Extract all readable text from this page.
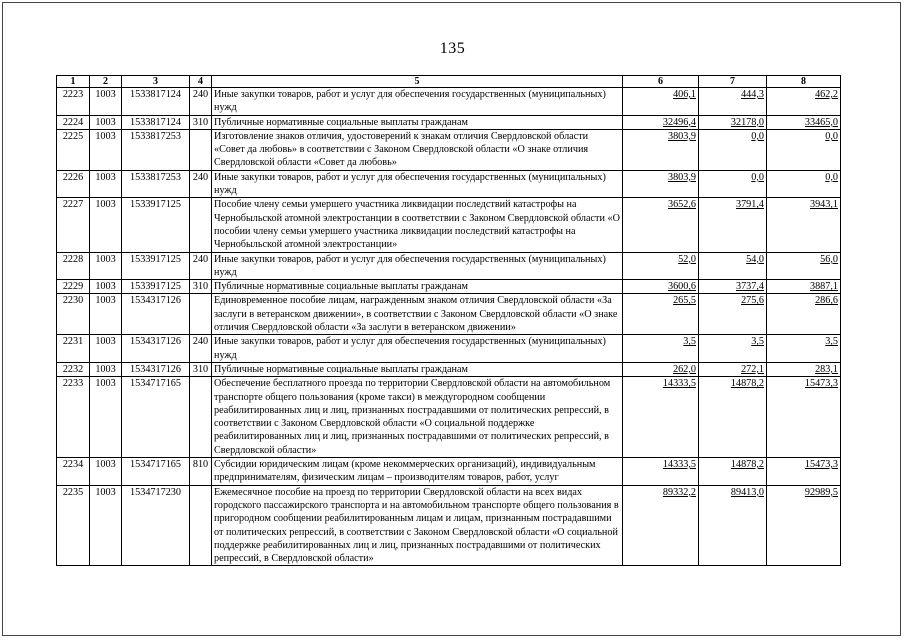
135
1	2	3	4	5	6	7	8
2223	1003	1533817124	240	Иные закупки товаров, работ и услуг для обеспечения государственных (муниципальных) нужд	406,1	444,3	462,2
2224	1003	1533817124	310	Публичные нормативные социальные выплаты гражданам	32496,4	32178,0	33465,0
2225	1003	1533817253		Изготовление знаков отличия, удостоверений к знакам отличия Свердловской области «Совет да любовь» в соответствии с Законом Свердловской области «О знаке отличия Свердловской области «Совет да любовь»	3803,9	0,0	0,0
2226	1003	1533817253	240	Иные закупки товаров, работ и услуг для обеспечения государственных (муниципальных) нужд	3803,9	0,0	0,0
2227	1003	1533917125		Пособие члену семьи умершего участника ликвидации последствий катастрофы на Чернобыльской атомной электростанции в соответствии с Законом Свердловской области «О пособии члену семьи умершего участника ликвидации последствий катастрофы на Чернобыльской атомной электростанции»	3652,6	3791,4	3943,1
2228	1003	1533917125	240	Иные закупки товаров, работ и услуг для обеспечения государственных (муниципальных) нужд	52,0	54,0	56,0
2229	1003	1533917125	310	Публичные нормативные социальные выплаты гражданам	3600,6	3737,4	3887,1
2230	1003	1534317126		Единовременное пособие лицам, награжденным знаком отличия Свердловской области «За заслуги в ветеранском движении», в соответствии с Законом Свердловской области «О знаке отличия Свердловской области «За заслуги в ветеранском движении»	265,5	275,6	286,6
2231	1003	1534317126	240	Иные закупки товаров, работ и услуг для обеспечения государственных (муниципальных) нужд	3,5	3,5	3,5
2232	1003	1534317126	310	Публичные нормативные социальные выплаты гражданам	262,0	272,1	283,1
2233	1003	1534717165		Обеспечение бесплатного проезда по территории Свердловской области на автомобильном транспорте общего пользования (кроме такси) в междугородном сообщении реабилитированных лиц и лиц, признанных пострадавшими от политических репрессий, в соответствии с Законом Свердловской области «О социальной поддержке реабилитированных лиц и лиц, признанных пострадавшими от политических репрессий, в Свердловской области»	14333,5	14878,2	15473,3
2234	1003	1534717165	810	Субсидии юридическим лицам (кроме некоммерческих организаций), индивидуальным предпринимателям, физическим лицам – производителям товаров, работ, услуг	14333,5	14878,2	15473,3
2235	1003	1534717230		Ежемесячное пособие на проезд по территории Свердловской области на всех видах городского пассажирского транспорта и на автомобильном транспорте общего пользования в пригородном сообщении реабилитированным лицам и лицам, признанным пострадавшими от политических репрессий, в соответствии с Законом Свердловской области «О социальной поддержке реабилитированных лиц и лиц, признанных пострадавшими от политических репрессий, в Свердловской области»	89332,2	89413,0	92989,5
